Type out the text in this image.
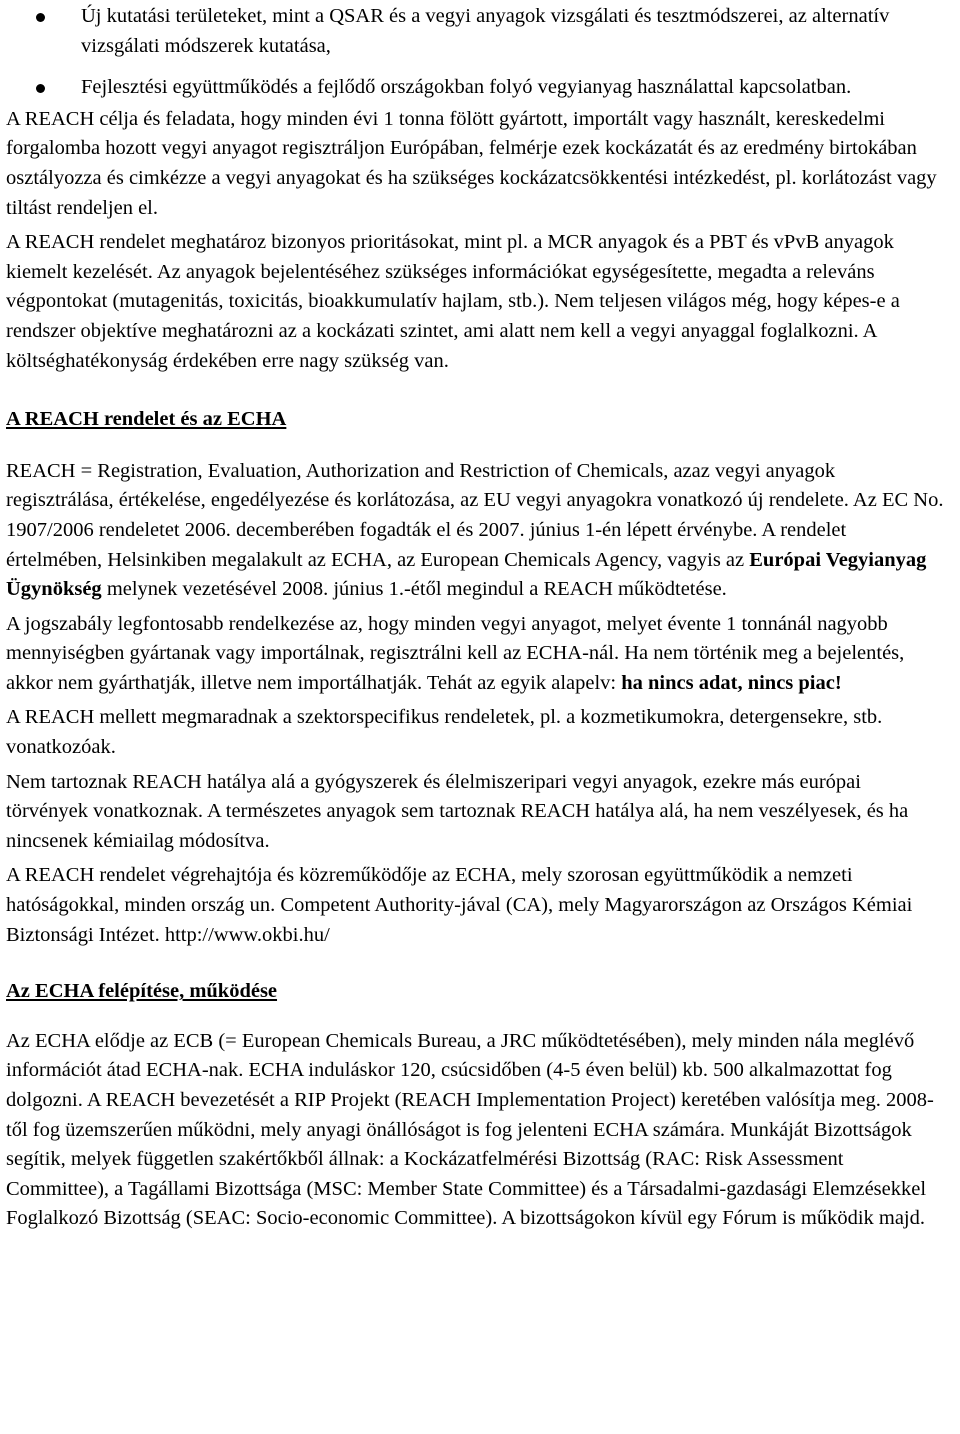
Új kutatási területeket, mint a QSAR és a vegyi anyagok vizsgálati és tesztmódszerei, az alternatív vizsgálati módszerek kutatása,
Fejlesztési együttműködés a fejlődő országokban folyó vegyianyag használattal kapcsolatban.

A REACH célja és feladata, hogy minden évi 1 tonna fölött gyártott, importált vagy használt, kereskedelmi forgalomba hozott vegyi anyagot regisztráljon Európában, felmérje ezek kockázatát és az eredmény birtokában osztályozza és cimkézze a vegyi anyagokat és ha szükséges kockázatcsökkentési intézkedést, pl. korlátozást vagy tiltást rendeljen el.

A REACH rendelet meghatároz bizonyos prioritásokat, mint pl. a MCR anyagok és a PBT és vPvB anyagok kiemelt kezelését. Az anyagok bejelentéséhez szükséges információkat egységesítette, megadta a releváns végpontokat (mutagenitás, toxicitás, bioakkumulatív hajlam, stb.). Nem teljesen világos még, hogy képes-e a rendszer objektíve meghatározni az a kockázati szintet, ami alatt nem kell a vegyi anyaggal foglalkozni. A költséghatékonyság érdekében erre nagy szükség van.

A REACH rendelet és az ECHA

REACH = Registration, Evaluation, Authorization and Restriction of Chemicals, azaz vegyi anyagok regisztrálása, értékelése, engedélyezése és korlátozása, az EU vegyi anyagokra vonatkozó új rendelete. Az EC No. 1907/2006 rendeletet 2006. decemberében fogadták el és 2007. június 1-én lépett érvénybe. A rendelet értelmében, Helsinkiben megalakult az ECHA, az European Chemicals Agency, vagyis az Európai Vegyianyag Ügynökség melynek vezetésével 2008. június 1.-étől megindul a REACH működtetése.

A jogszabály legfontosabb rendelkezése az, hogy minden vegyi anyagot, melyet évente 1 tonnánál nagyobb mennyiségben gyártanak vagy importálnak, regisztrálni kell az ECHA-nál. Ha nem történik meg a bejelentés, akkor nem gyárthatják, illetve nem importálhatják. Tehát az egyik alapelv: ha nincs adat, nincs piac!

A REACH mellett megmaradnak a szektorspecifikus rendeletek, pl. a kozmetikumokra, detergensekre, stb. vonatkozóak.

Nem tartoznak REACH hatálya alá a gyógyszerek és élelmiszeripari vegyi anyagok, ezekre más európai törvények vonatkoznak. A természetes anyagok sem tartoznak REACH hatálya alá, ha nem veszélyesek, és ha nincsenek kémiailag módosítva.

A REACH rendelet végrehajtója és közreműködője az ECHA, mely szorosan együttműködik a nemzeti hatóságokkal, minden ország un. Competent Authority-jával (CA), mely Magyarországon az Országos Kémiai Biztonsági Intézet. http://www.okbi.hu/

Az ECHA felépítése, működése

Az ECHA elődje az ECB (= European Chemicals Bureau, a JRC működtetésében), mely minden nála meglévő információt átad ECHA-nak. ECHA induláskor 120, csúcsidőben (4-5 éven belül) kb. 500 alkalmazottat fog dolgozni. A REACH bevezetését a RIP Projekt (REACH Implementation Project) keretében valósítja meg. 2008-től fog üzemszerűen működni, mely anyagi önállóságot is fog jelenteni ECHA számára. Munkáját Bizottságok segítik, melyek független szakértőkből állnak: a Kockázatfelmérési Bizottság (RAC: Risk Assessment Committee), a Tagállami Bizottsága (MSC: Member State Committee) és a Társadalmi-gazdasági Elemzésekkel Foglalkozó Bizottság (SEAC: Socio-economic Committee). A bizottságokon kívül egy Fórum is működik majd.
